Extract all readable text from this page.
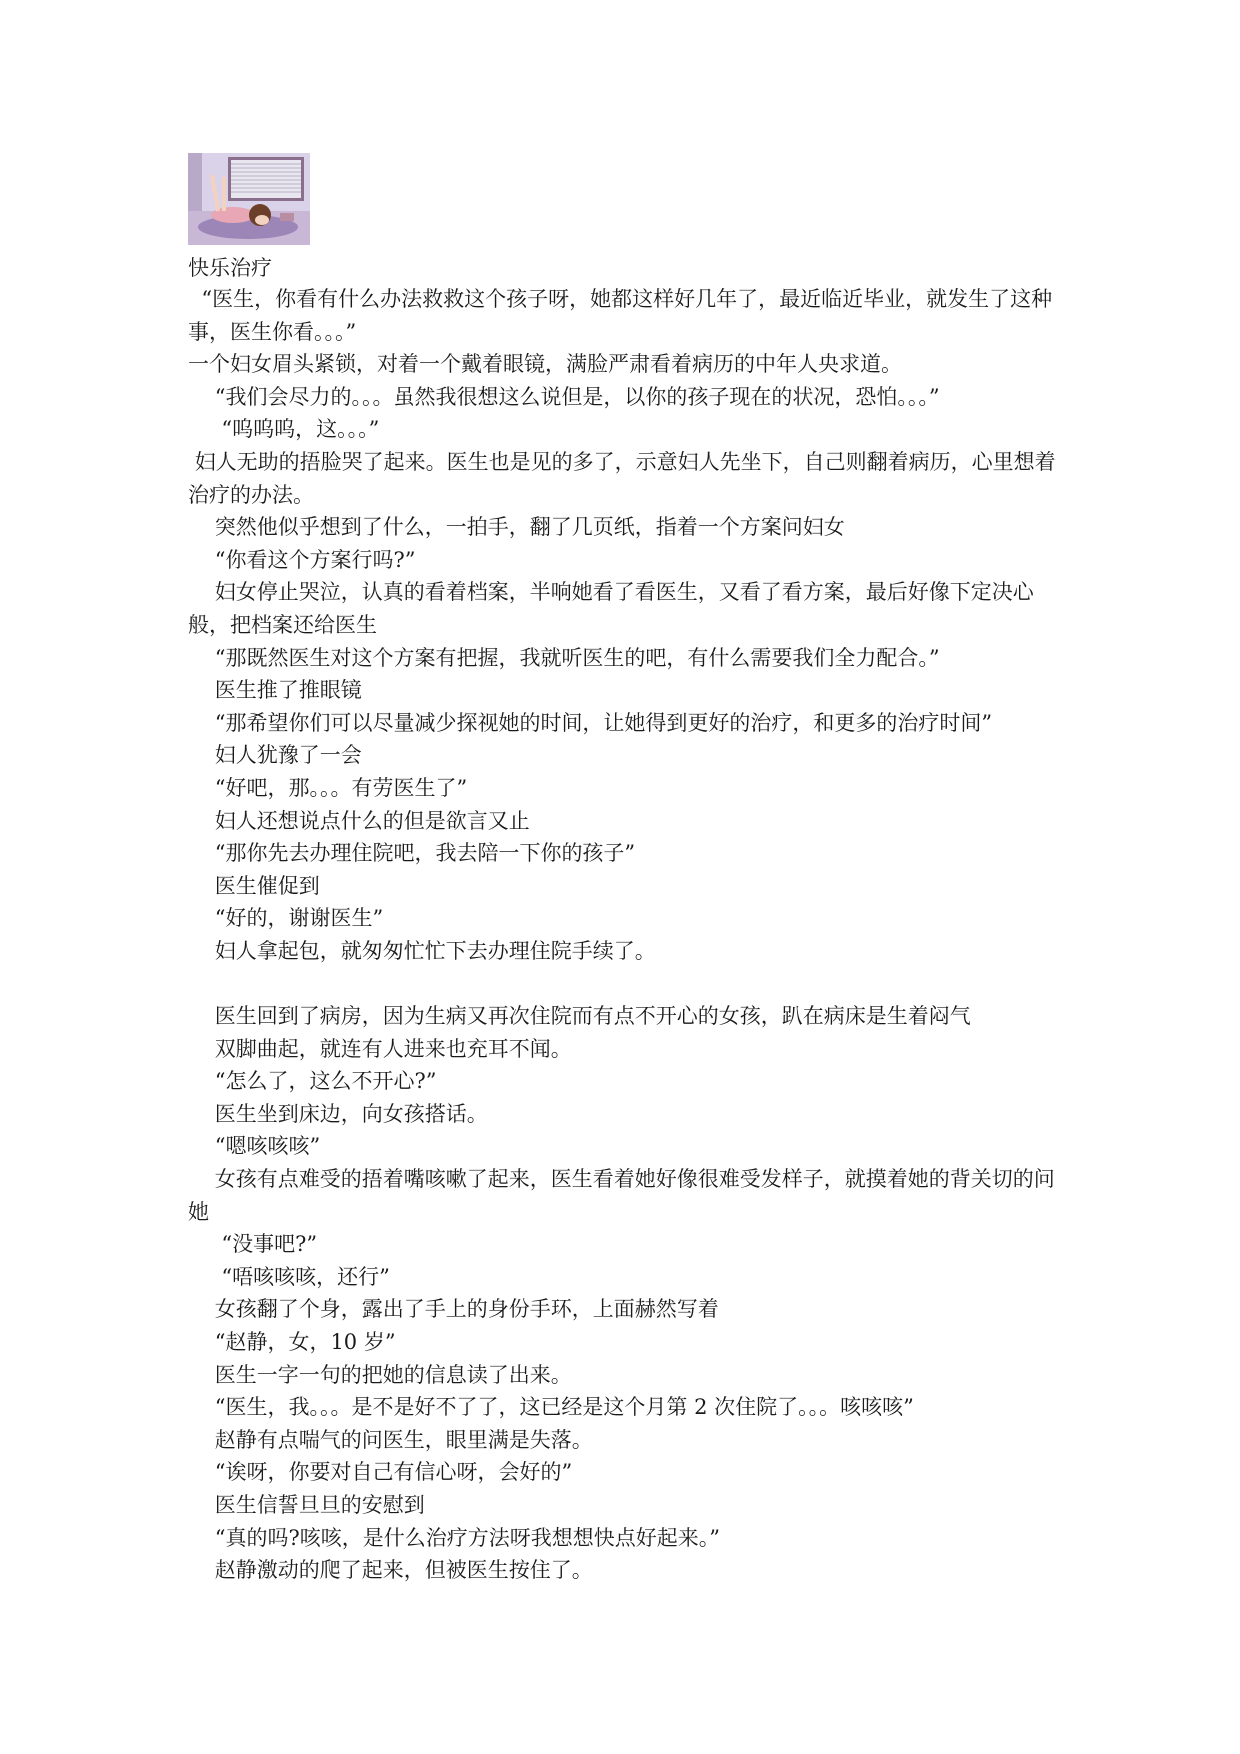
快乐治疗

“医生，你看有什么办法救救这个孩子呀，她都这样好几年了，最近临近毕业，就发生了这种事，医生你看。。。”

一个妇女眉头紧锁，对着一个戴着眼镜，满脸严肃看着病历的中年人央求道。

“我们会尽力的。。。虽然我很想这么说但是，以你的孩子现在的状况，恐怕。。。”

“呜呜呜，这。。。”

妇人无助的捂脸哭了起来。医生也是见的多了，示意妇人先坐下，自己则翻着病历，心里想着治疗的办法。

突然他似乎想到了什么，一拍手，翻了几页纸，指着一个方案问妇女

“你看这个方案行吗?”

妇女停止哭泣，认真的看着档案，半响她看了看医生，又看了看方案，最后好像下定决心般，把档案还给医生

“那既然医生对这个方案有把握，我就听医生的吧，有什么需要我们全力配合。”

医生推了推眼镜

“那希望你们可以尽量减少探视她的时间，让她得到更好的治疗，和更多的治疗时间”

妇人犹豫了一会

“好吧，那。。。有劳医生了”

妇人还想说点什么的但是欲言又止

“那你先去办理住院吧，我去陪一下你的孩子”

医生催促到

“好的，谢谢医生”

妇人拿起包，就匆匆忙忙下去办理住院手续了。

医生回到了病房，因为生病又再次住院而有点不开心的女孩，趴在病床是生着闷气

双脚曲起，就连有人进来也充耳不闻。

“怎么了，这么不开心?”

医生坐到床边，向女孩搭话。

“嗯咳咳咳”

女孩有点难受的捂着嘴咳嗽了起来，医生看着她好像很难受发样子，就摸着她的背关切的问她

“没事吧?”

“唔咳咳咳，还行”

女孩翻了个身，露出了手上的身份手环，上面赫然写着

“赵静，女，10 岁”

医生一字一句的把她的信息读了出来。

“医生，我。。。是不是好不了了，这已经是这个月第 2 次住院了。。。咳咳咳”

赵静有点喘气的问医生，眼里满是失落。

“诶呀，你要对自己有信心呀，会好的”

医生信誓旦旦的安慰到

“真的吗?咳咳，是什么治疗方法呀我想想快点好起来。”

赵静激动的爬了起来，但被医生按住了。
